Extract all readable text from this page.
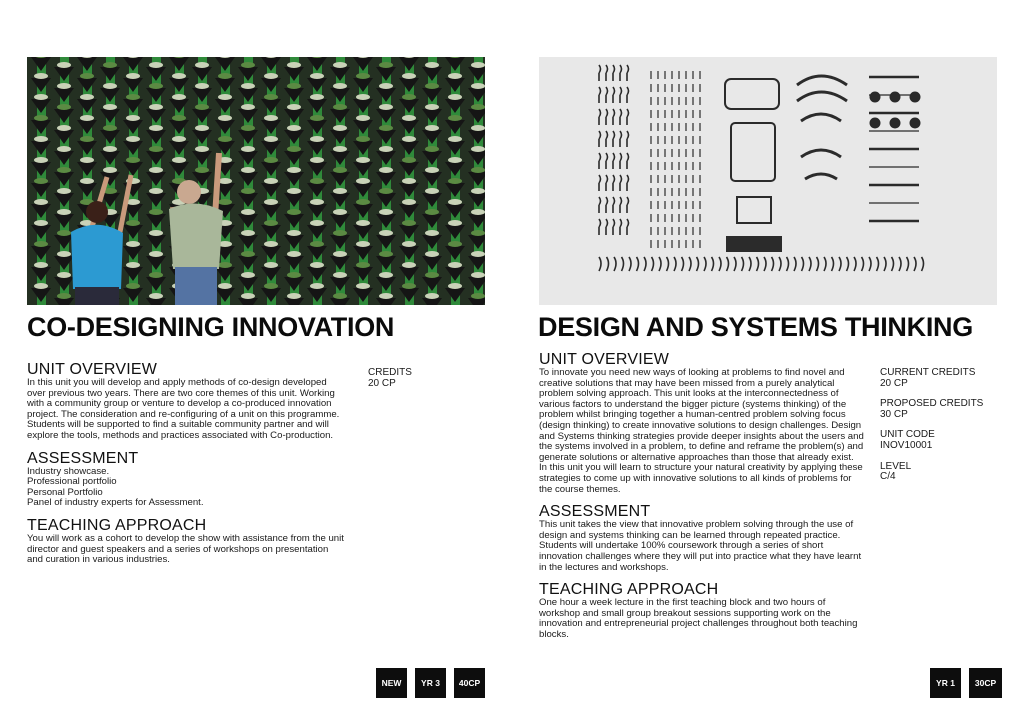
CO-DESIGNING INNOVATION
UNIT OVERVIEW

In this unit you will develop and apply methods of co-design developed over previous two years. There are two core themes of this unit. Working with a community group or venture to develop a co-produced innovation project. The consideration and re-configuring of a unit on this programme. Students will be supported to find a suitable community partner and will explore the tools, methods and practices associated with Co-production.

ASSESSMENT
Industry showcase.
Professional portfolio
Personal Portfolio
Panel of industry experts for Assessment.
TEACHING APPROACH

You will work as a cohort to develop the show with assistance from the unit director and guest speakers and a series of workshops on presentation and curation in various industries.

CREDITS
20 CP
NEW	YR 3	40CP
DESIGN AND SYSTEMS THINKING
UNIT OVERVIEW

To innovate you need new ways of looking at problems to find novel and creative solutions that may have been missed from a purely analytical problem solving approach. This unit looks at the interconnectedness of various factors to understand the bigger picture (systems thinking) of the problem whilst bringing together a human-centred problem solving focus (design thinking) to create innovative solutions to design challenges. Design and Systems thinking strategies provide deeper insights about the users and the systems involved in a problem, to define and reframe the problem(s) and generate solutions or alternative approaches than those that already exist. In this unit you will learn to structure your natural creativity by applying these strategies to come up with innovative solutions to all kinds of problems for the course themes.

ASSESSMENT

This unit takes the view that innovative problem solving through the use of design and systems thinking can be learned through repeated practice. Students will undertake 100% coursework through a series of short innovation challenges where they will put into practice what they have learnt in the lectures and workshops.

TEACHING APPROACH

One hour a week lecture in the first teaching block and two hours of workshop and small group breakout sessions supporting work on the innovation and entrepreneurial project challenges throughout both teaching blocks.

CURRENT CREDITS
20 CP
PROPOSED CREDITS
30 CP
UNIT CODE
INOV10001
LEVEL
C/4
YR 1	30CP
